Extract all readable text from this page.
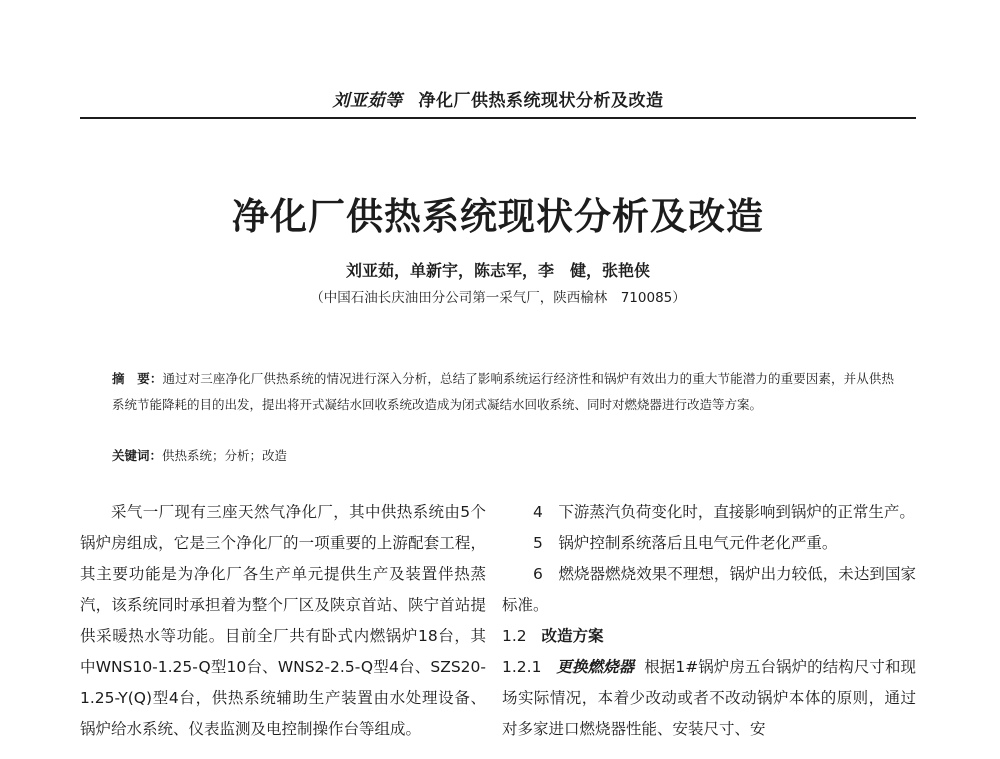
刘亚茹等 净化厂供热系统现状分析及改造
净化厂供热系统现状分析及改造
刘亚茹，单新宇，陈志军，李　健，张艳侠
（中国石油长庆油田分公司第一采气厂，陕西榆林　710085）
摘　要：通过对三座净化厂供热系统的情况进行深入分析，总结了影响系统运行经济性和锅炉有效出力的重大节能潜力的重要因素，并从供热系统节能降耗的目的出发，提出将开式凝结水回收系统改造成为闭式凝结水回收系统、同时对燃烧器进行改造等方案。
关键词：供热系统；分析；改造

采气一厂现有三座天然气净化厂，其中供热系统由5个锅炉房组成，它是三个净化厂的一项重要的上游配套工程，其主要功能是为净化厂各生产单元提供生产及装置伴热蒸汽，该系统同时承担着为整个厂区及陕京首站、陕宁首站提供采暖热水等功能。目前全厂共有卧式内燃锅炉18台，其中WNS10-1.25-Q型10台、WNS2-2.5-Q型4台、SZS20-1.25-Y(Q)型4台，供热系统辅助生产装置由水处理设备、锅炉给水系统、仪表监测及电控制操作台等组成。

4　下游蒸汽负荷变化时，直接影响到锅炉的正常生产。

5　锅炉控制系统落后且电气元件老化严重。

6　燃烧器燃烧效果不理想，锅炉出力较低，未达到国家标准。

1.2 改造方案

1.2.1 更换燃烧器 根据1#锅炉房五台锅炉的结构尺寸和现场实际情况，本着少改动或者不改动锅炉本体的原则，通过对多家进口燃烧器性能、安装尺寸、安
